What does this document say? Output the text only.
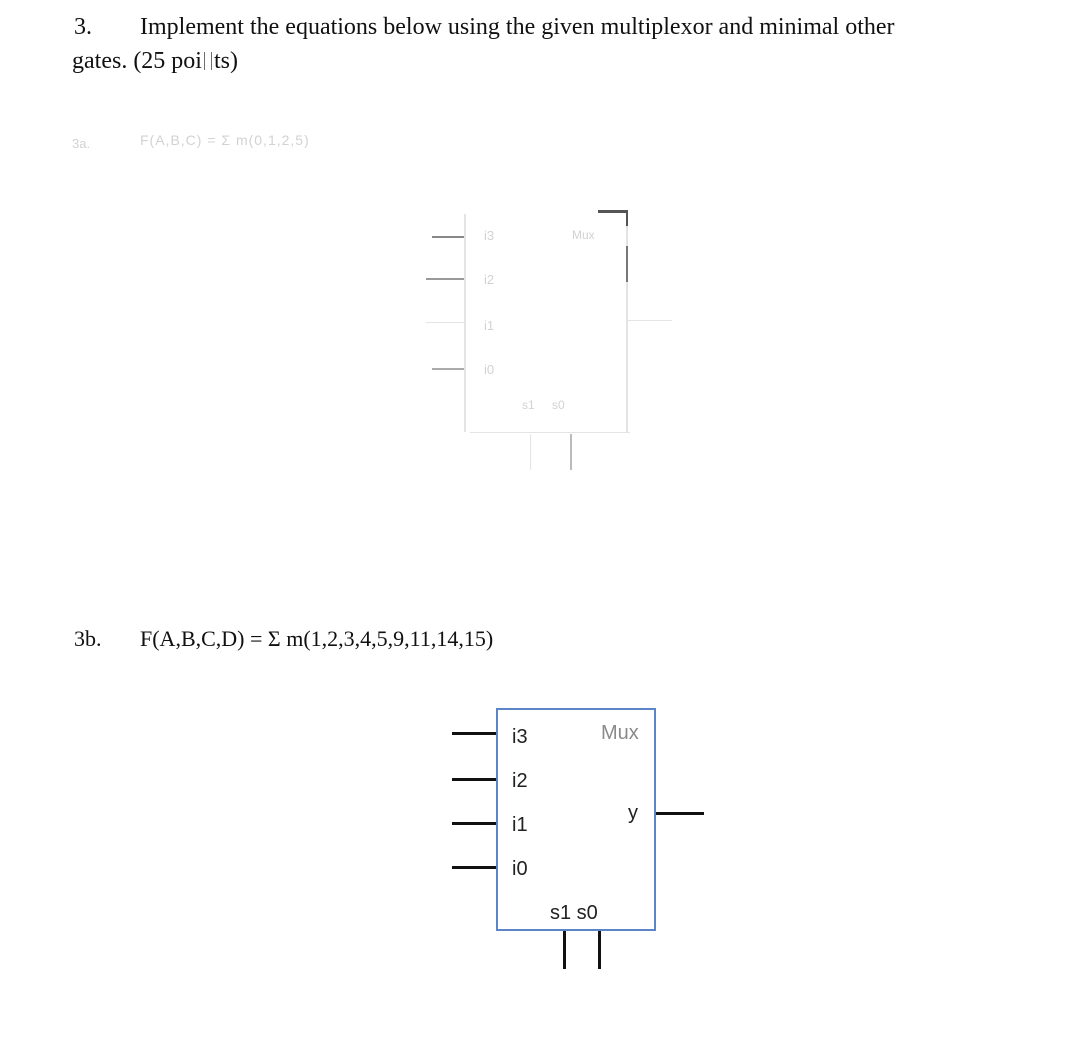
3. Implement the equations below using the given multiplexor and minimal other
gates. (25 poi ts)
3a.	F(A,B,C) = Σ m(0,1,2,5)
i3
i2
i1
i0
Mux
s1 s0
3b. F(A,B,C,D) = Σ m(1,2,3,4,5,9,11,14,15)
i3
i2
i1
i0
Mux
y
s1 s0
